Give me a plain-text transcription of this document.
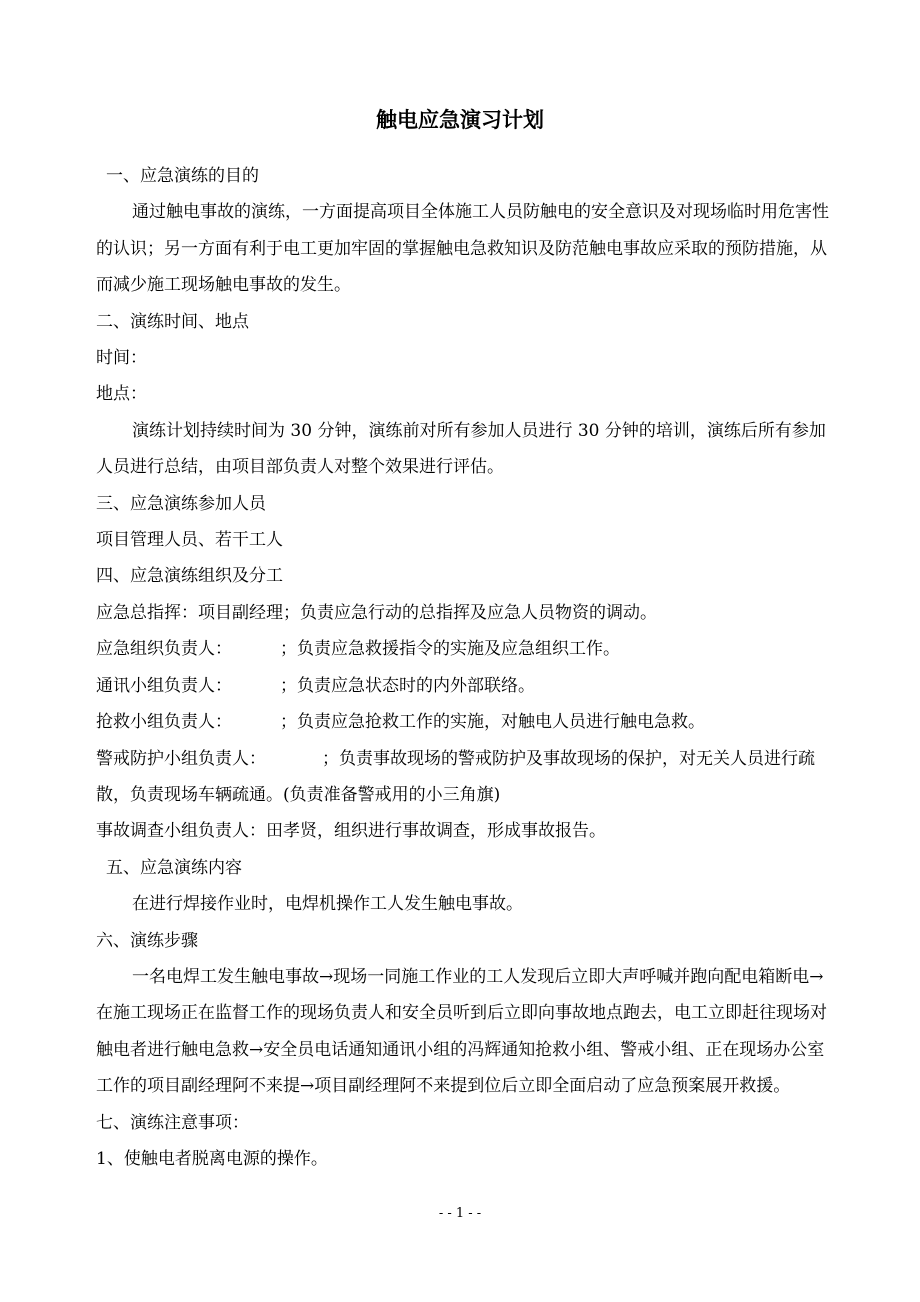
触电应急演习计划

一、应急演练的目的

通过触电事故的演练，一方面提高项目全体施工人员防触电的安全意识及对现场临时用危害性的认识；另一方面有利于电工更加牢固的掌握触电急救知识及防范触电事故应采取的预防措施，从而减少施工现场触电事故的发生。

二、演练时间、地点

时间：

地点：

演练计划持续时间为 30 分钟，演练前对所有参加人员进行 30 分钟的培训，演练后所有参加人员进行总结，由项目部负责人对整个效果进行评估。

三、应急演练参加人员

项目管理人员、若干工人

四、应急演练组织及分工

应急总指挥：项目副经理；负责应急行动的总指挥及应急人员物资的调动。

应急组织负责人：	；负责应急救援指令的实施及应急组织工作。

通讯小组负责人：	；负责应急状态时的内外部联络。

抢救小组负责人：	；负责应急抢救工作的实施，对触电人员进行触电急救。

警戒防护小组负责人：	；负责事故现场的警戒防护及事故现场的保护，对无关人员进行疏散，负责现场车辆疏通。(负责准备警戒用的小三角旗)

事故调查小组负责人：田孝贤，组织进行事故调查，形成事故报告。

五、应急演练内容

在进行焊接作业时，电焊机操作工人发生触电事故。

六、演练步骤

一名电焊工发生触电事故→现场一同施工作业的工人发现后立即大声呼喊并跑向配电箱断电→在施工现场正在监督工作的现场负责人和安全员听到后立即向事故地点跑去，电工立即赶往现场对触电者进行触电急救→安全员电话通知通讯小组的冯辉通知抢救小组、警戒小组、正在现场办公室工作的项目副经理阿不来提→项目副经理阿不来提到位后立即全面启动了应急预案展开救援。

七、演练注意事项：

1、使触电者脱离电源的操作。

- - 1 - -
